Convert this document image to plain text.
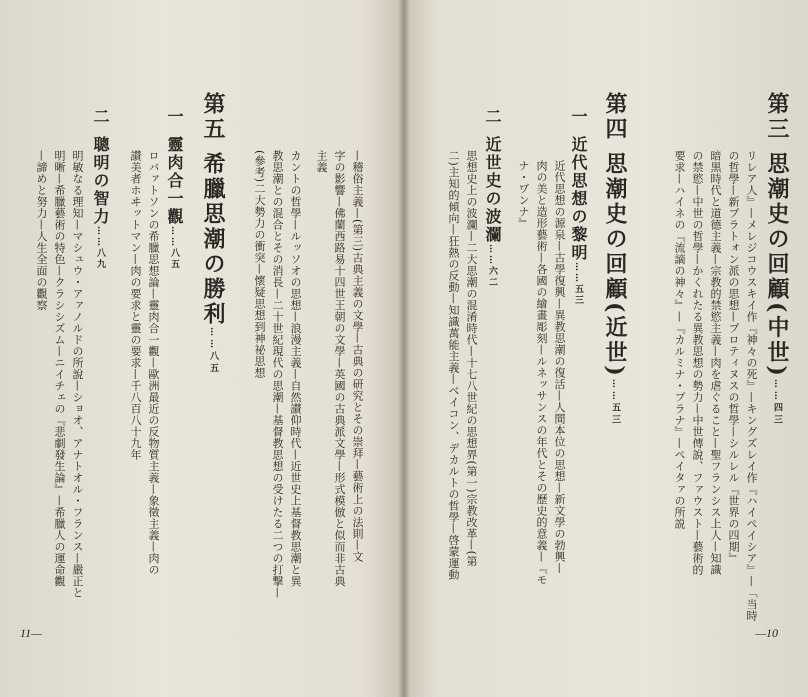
第三思潮史の回顧(中世)……四三
リレア人』—メレジコウスキイ作『神々の死』—キングズレイ作『ハイペイシア』—「当時
の哲學—新プラトォン派の思想—プロティヌスの哲學—シルレル『世界の四期』
暗黒時代と道德主義—宗教的禁慾主義—肉を虐ぐること—聖フランシス上人—知識
の禁慾—中世の哲學—かくれたる異教思想の勢力—中世傳說、ファウスト—藝術的
要求—ハイネの『流謫の神々』—『カルミナ・ブラナ』—ペイタァの所説
第四思潮史の回顧(近世)……五三
一近代思想の黎明……五三
近代思想の源泉—古學復興—異教思潮の復活—人間本位の思想—新文學の勃興—
肉の美と造形藝術—各國の繪畫彫刻—ルネッサンスの年代とその歷史的意義—『モ
ナ・ヷンナ』
二近世史の波瀾……六二
思想史上の波瀾—二大思潮の混淆時代—十七八世紀の思想界(第一)宗教改革—(第
二)主知的傾向—狂熱の反動—知識萬能主義—ベイコン、デカルトの哲學—啓蒙運動
—10
—稽俗主義—(第三)古典主義の文學—古典の研究とその崇拜—藝術上の法則—文
字の影響—佛蘭西路易十四世王朝の文學—英國の古典派文學—形式模倣と似而非古典
主義
カントの哲學—ルッソオの思想—浪漫主義—自然讃仰時代—近世史上基督教思潮と異
教思潮との混合とその消長—二十世紀現代の思潮—基督教思想の受けたる二つの打撃—
(參考)二大勢力の衝突—懷疑思想到神祕思想
第五希臘思潮の勝利……八五
一靈肉合一觀……八五
ロバァトソンの希臘思想論—靈肉合一觀—歐洲最近の反物質主義—象徵主義—肉の
讃美者ホヰットマン—肉の要求と靈の要求—千八百八十九年
二聰明の智力……八九
明敏なる理知—マシュウ・アァノルドの所說—ショオ、アナトオル・フランス—嚴正と
明晰—希臘藝術の特色—クラシシズム—ニイチェの『悲劇發生論』—希臘人の運命觀
—諦めと努力—人生全面の觀察
11—
